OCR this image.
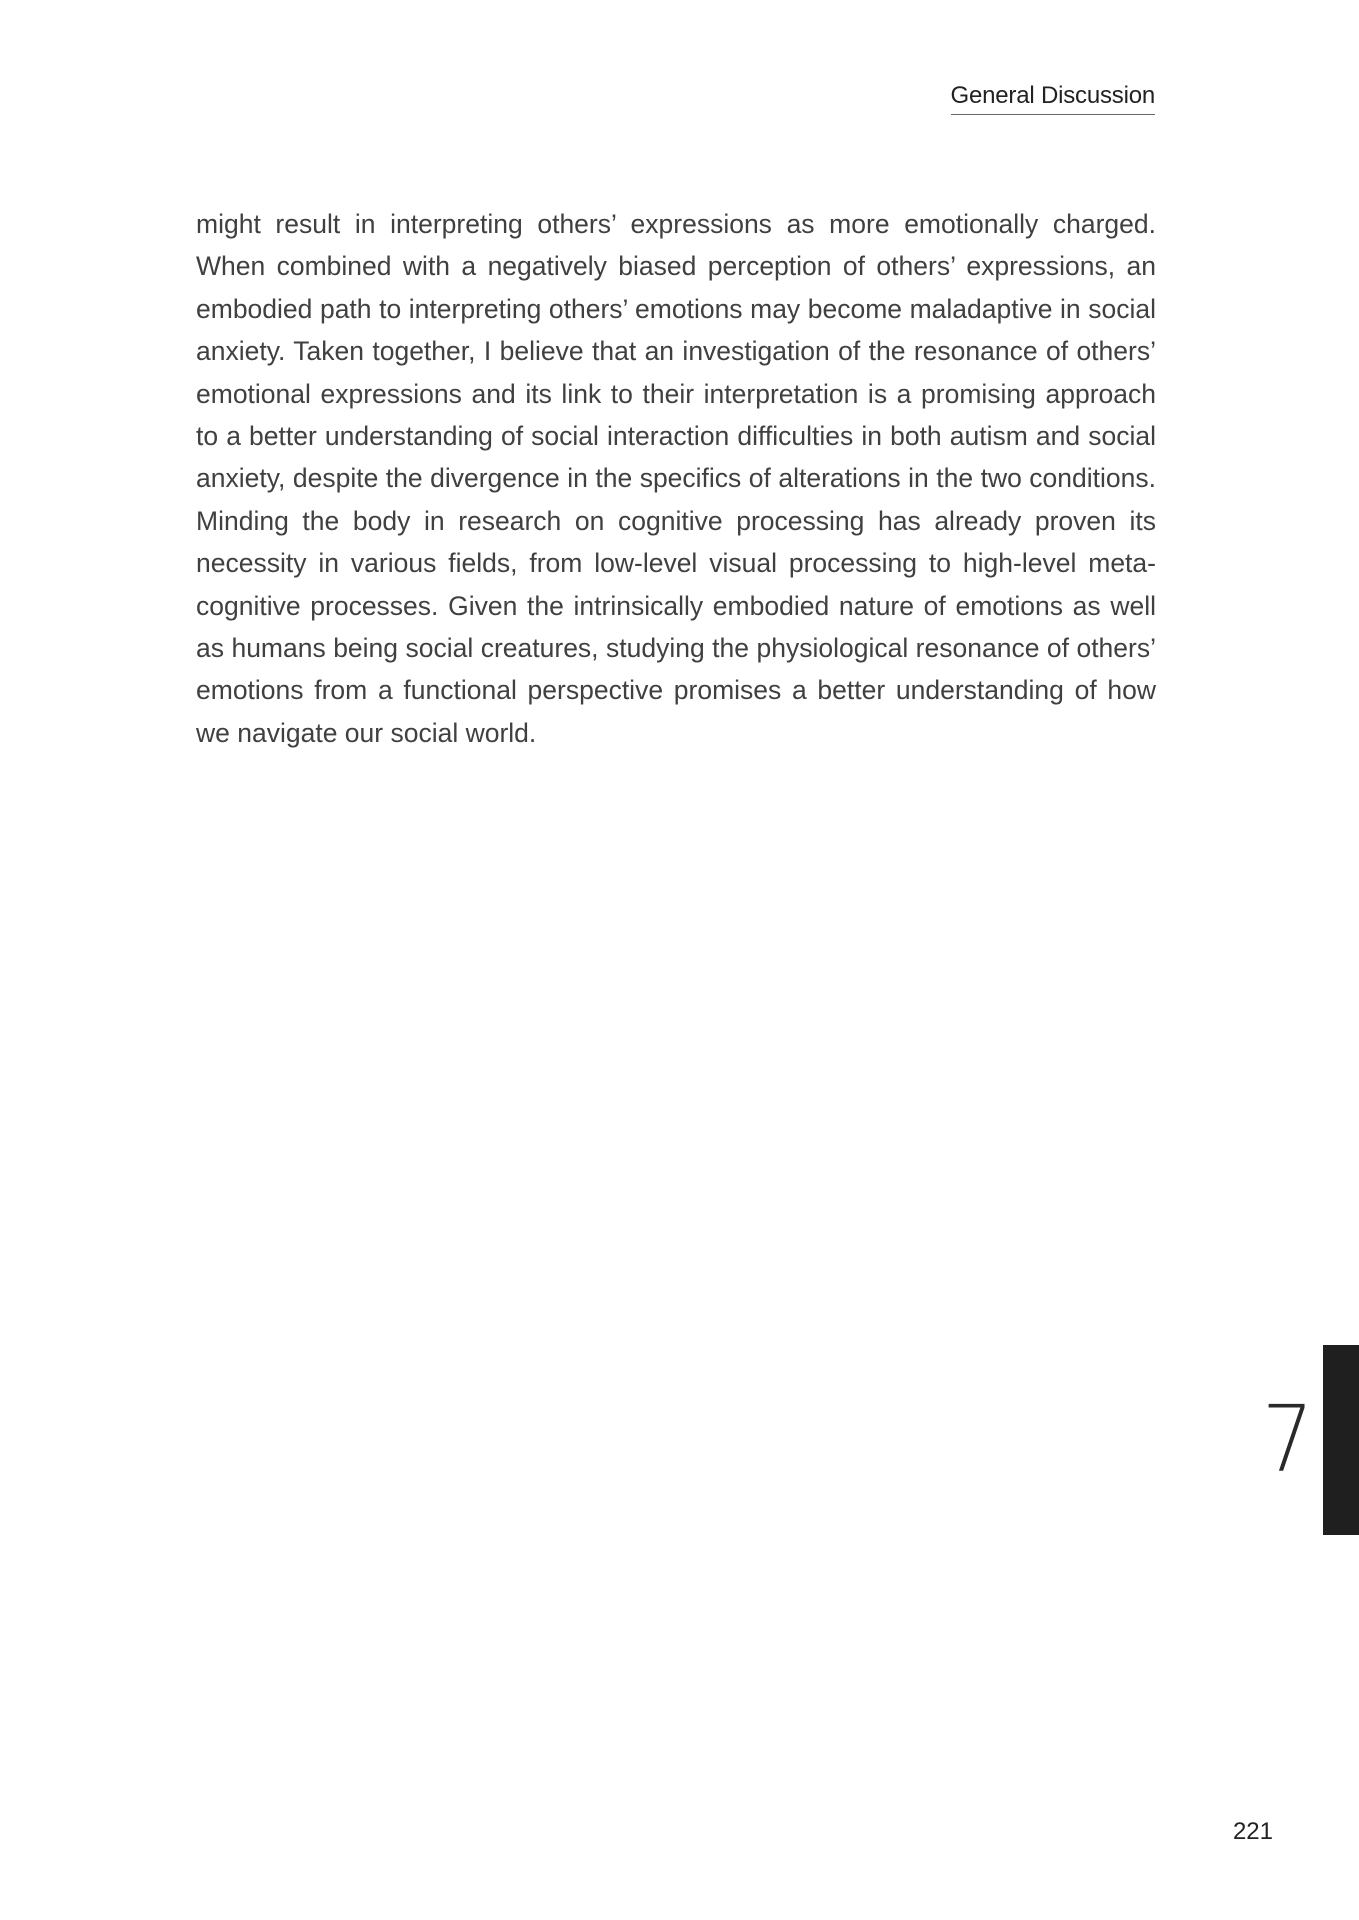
General Discussion

might result in interpreting others’ expressions as more emotionally charged. When combined with a negatively biased perception of others’ expressions, an embodied path to interpreting others’ emotions may become maladaptive in social anxiety. Taken together, I believe that an investigation of the resonance of others’ emotional expressions and its link to their interpretation is a promising approach to a better understanding of social interaction difficulties in both autism and social anxiety, despite the divergence in the specifics of alterations in the two conditions. Minding the body in research on cognitive processing has already proven its necessity in various fields, from low-level visual processing to high-level meta-cognitive processes. Given the intrinsically embodied nature of emotions as well as humans being social creatures, studying the physiological resonance of others’ emotions from a functional perspective promises a better understanding of how we navigate our social world.

7
221
